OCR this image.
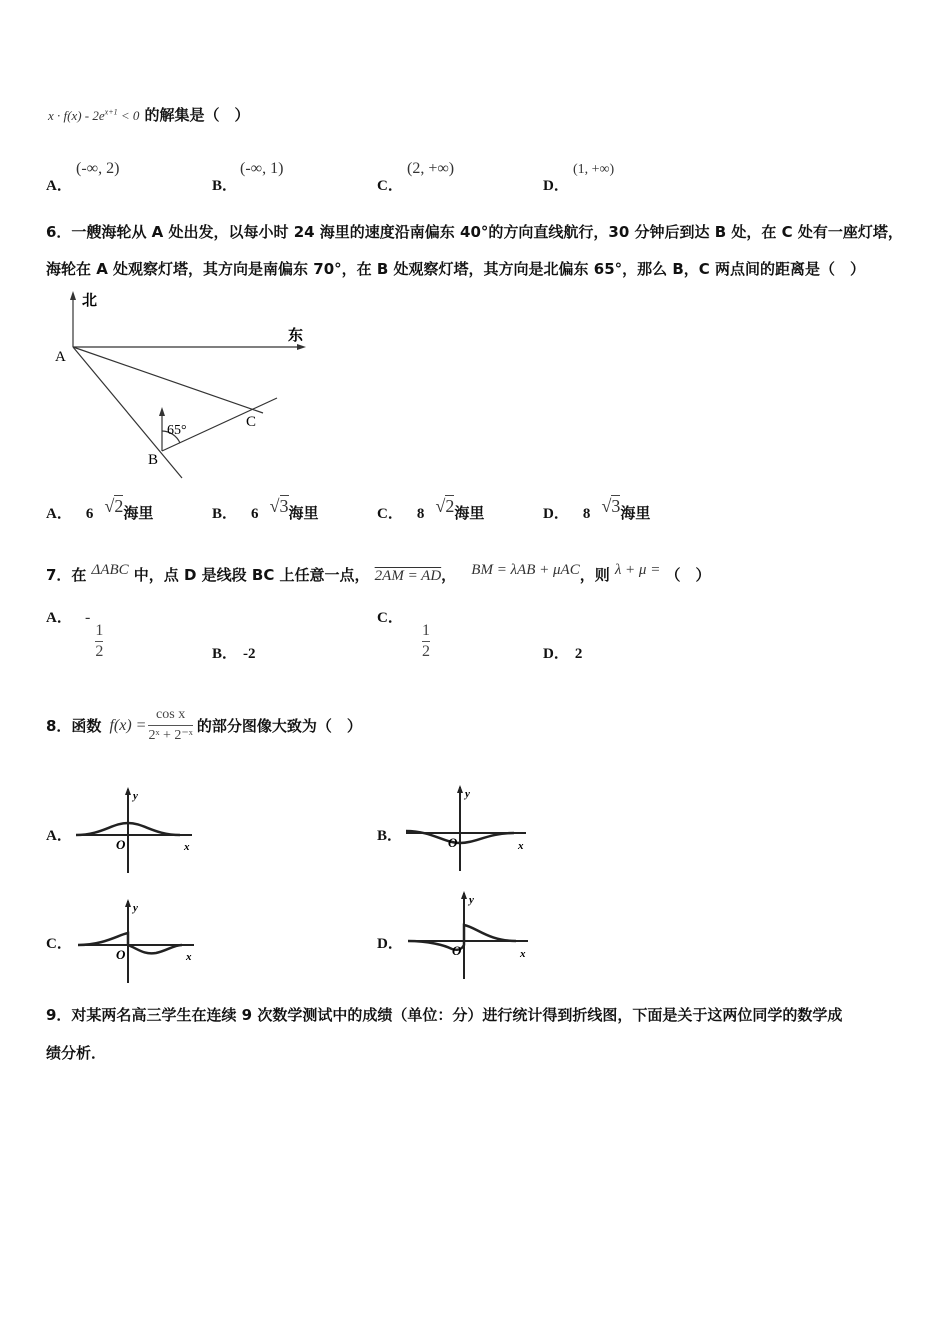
$x \cdot f(x) - 2e^{x+1} < 0$ 的解集是（　）
A．
(-∞, 2)
B．
(-∞, 1)
C．
(2, +∞)
D．
(1, +∞)
6．一艘海轮从 A 处出发，以每小时 24 海里的速度沿南偏东 40°的方向直线航行，30 分钟后到达 B 处，在 C 处有一座灯塔，
海轮在 A 处观察灯塔，其方向是南偏东 70°，在 B 处观察灯塔，其方向是北偏东 65°，那么 B，C 两点间的距离是（　）
北
东
A
B
C
65°
A． 6 √2海里	B． 6 √3海里	C． 8 √2海里	D． 8 √3海里
7．在 ΔABC 中，点 D 是线段 BC 上任意一点， 2AM = AD， BM = λAB + μAC，则 λ + μ = （　）
A． -
$\frac{1}{2}$	B． -2
C．
$\frac{1}{2}$	D． 2
8．函数 $f(x) = \frac{\text{cos x}}{\text{2ˣ + 2⁻ˣ}}$ 的部分图像大致为（　）
A．
y
x
O
B．
y
x
O
C．
y
x
O
D．
y
x
O
9．对某两名高三学生在连续 9 次数学测试中的成绩（单位：分）进行统计得到折线图，下面是关于这两位同学的数学成
绩分析．
